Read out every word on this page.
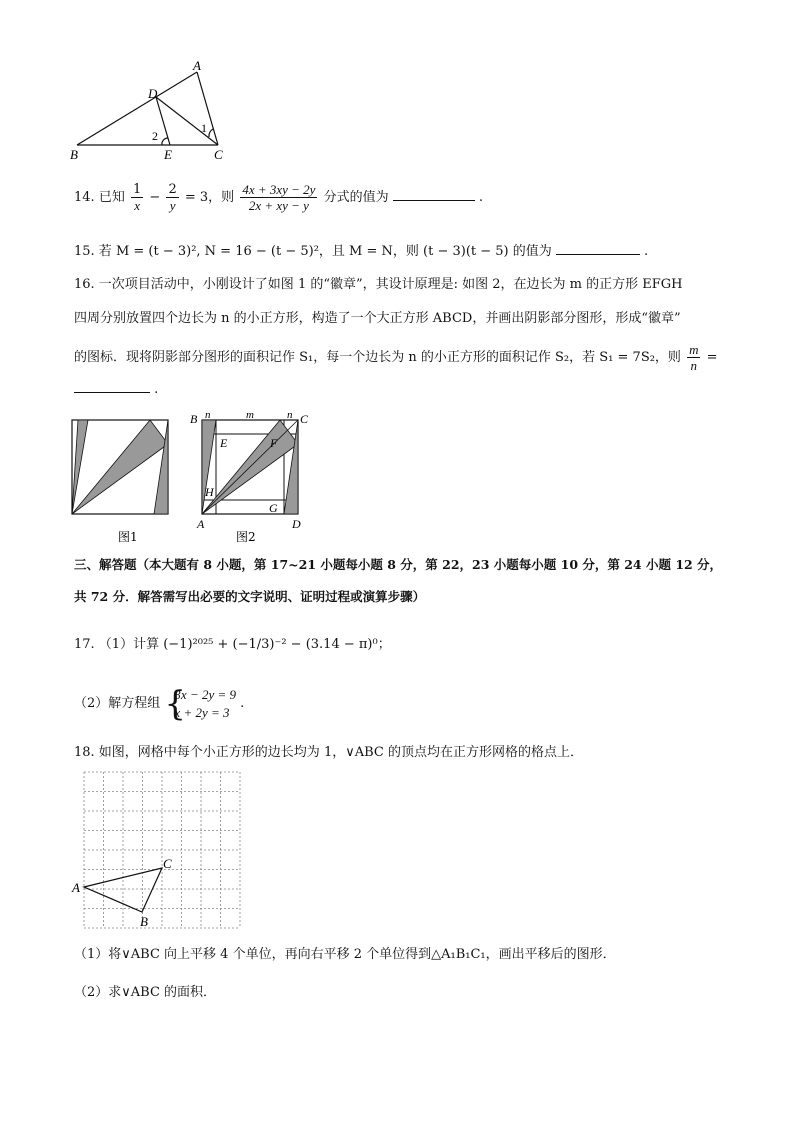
A
D
B	E	C
2
1
14. 已知 $\frac{1}{x} - \frac{2}{y} = 3$，则 $\frac{4x + 3xy - 2y}{2x + xy - y}$ 分式的值为	.
15. 若 M = (t − 3)², N = 16 − (t − 5)²，且 M = N，则 (t − 3)(t − 5) 的值为	.
16. 一次项目活动中，小刚设计了如图 1 的“徽章”，其设计原理是: 如图 2，在边长为 m 的正方形 EFGH
四周分别放置四个边长为 n 的小正方形，构造了一个大正方形 ABCD，并画出阴影部分图形，形成“徽章”
的图标．现将阴影部分图形的面积记作 S₁，每一个边长为 n 的小正方形的面积记作 S₂，若 S₁ = 7S₂，则 $\frac{m}{n}$ =
.
图1
B n	m	n C
E	F
H
G
A	D
图2
三、解答题（本大题有 8 小题，第 17~21 小题每小题 8 分，第 22，23 小题每小题 10 分，第 24 小题 12 分，
共 72 分．解答需写出必要的文字说明、证明过程或演算步骤）
17. （1）计算 (−1)²⁰²⁵ + (−1/3)⁻² − (3.14 − π)⁰；
（2）解方程组 {
3x − 2y = 9
x + 2y = 3
.
18. 如图，网格中每个小正方形的边长均为 1，∨ABC 的顶点均在正方形网格的格点上．
A
C
B
（1）将∨ABC 向上平移 4 个单位，再向右平移 2 个单位得到△A₁B₁C₁，画出平移后的图形．
（2）求∨ABC 的面积．
